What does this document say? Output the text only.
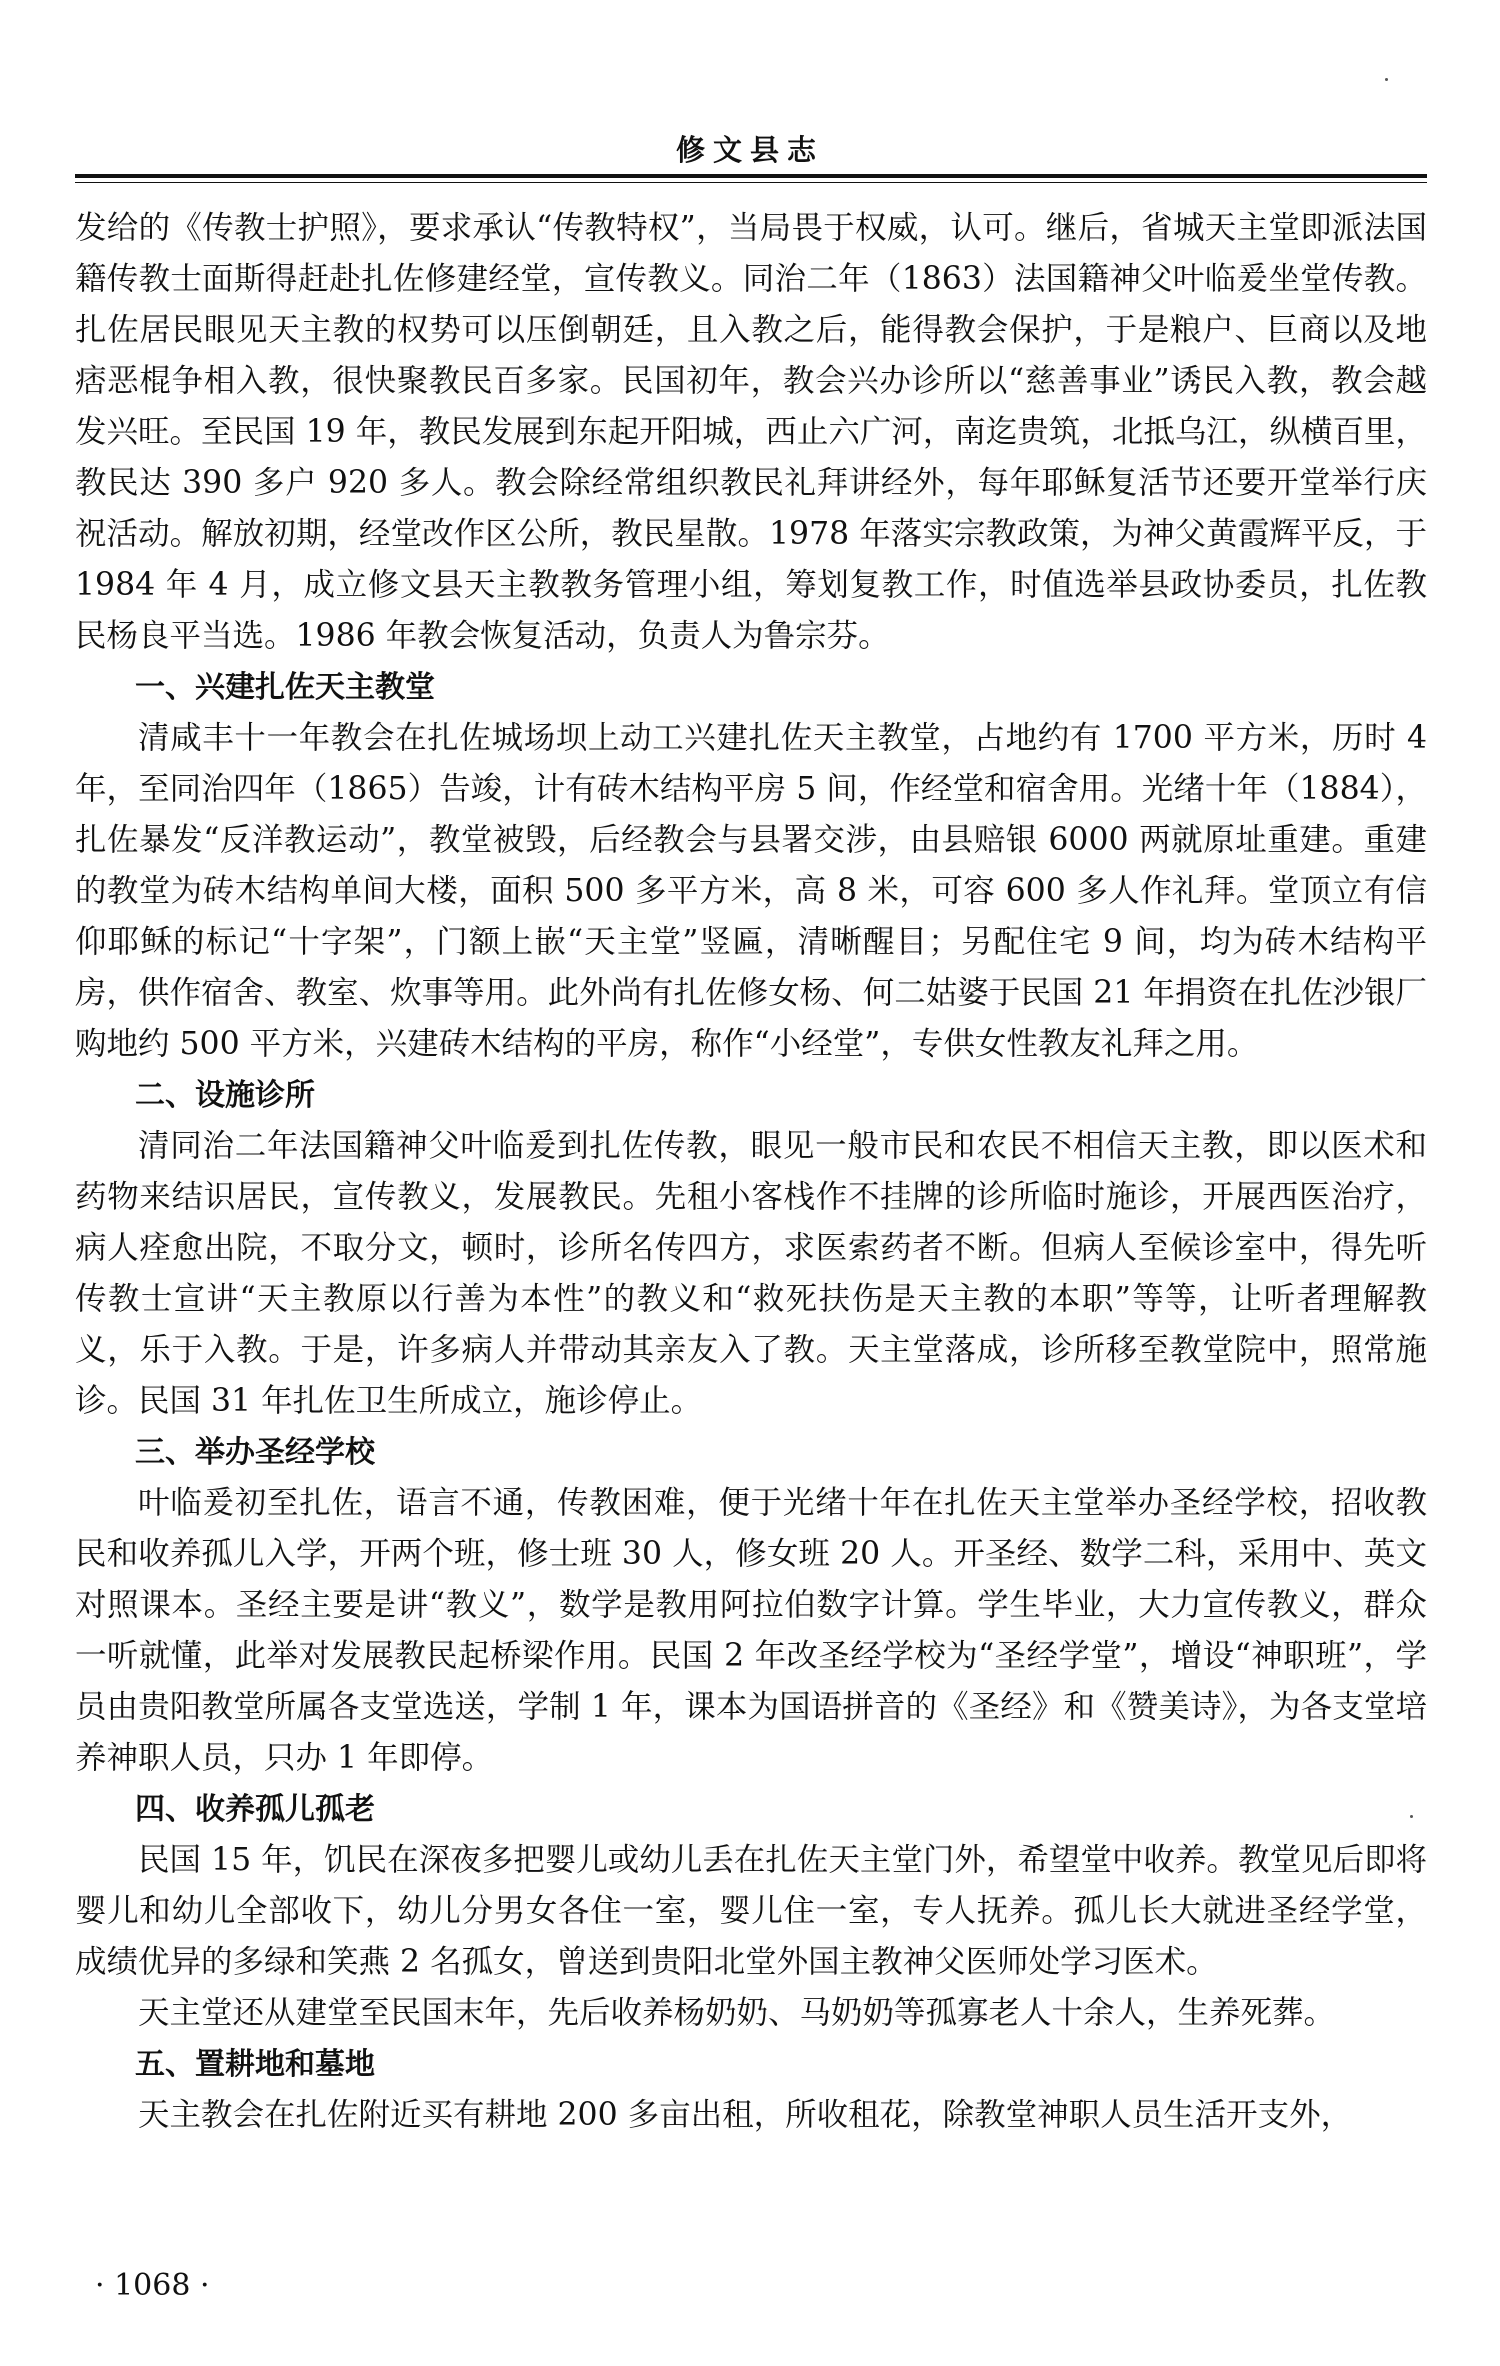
修文县志

发给的《传教士护照》，要求承认“传教特权”，当局畏于权威，认可。继后，省城天主堂即派法国籍传教士面斯得赶赴扎佐修建经堂，宣传教义。同治二年（1863）法国籍神父叶临爰坐堂传教。扎佐居民眼见天主教的权势可以压倒朝廷，且入教之后，能得教会保护，于是粮户、巨商以及地痞恶棍争相入教，很快聚教民百多家。民国初年，教会兴办诊所以“慈善事业”诱民入教，教会越发兴旺。至民国 19 年，教民发展到东起开阳城，西止六广河，南迄贵筑，北抵乌江，纵横百里，教民达 390 多户 920 多人。教会除经常组织教民礼拜讲经外，每年耶稣复活节还要开堂举行庆祝活动。解放初期，经堂改作区公所，教民星散。1978 年落实宗教政策，为神父黄霞辉平反，于 1984 年 4 月，成立修文县天主教教务管理小组，筹划复教工作，时值选举县政协委员，扎佐教民杨良平当选。1986 年教会恢复活动，负责人为鲁宗芬。

一、兴建扎佐天主教堂

清咸丰十一年教会在扎佐城场坝上动工兴建扎佐天主教堂，占地约有 1700 平方米，历时 4 年，至同治四年（1865）告竣，计有砖木结构平房 5 间，作经堂和宿舍用。光绪十年（1884），扎佐暴发“反洋教运动”，教堂被毁，后经教会与县署交涉，由县赔银 6000 两就原址重建。重建的教堂为砖木结构单间大楼，面积 500 多平方米，高 8 米，可容 600 多人作礼拜。堂顶立有信仰耶稣的标记“十字架”，门额上嵌“天主堂”竖匾，清晰醒目；另配住宅 9 间，均为砖木结构平房，供作宿舍、教室、炊事等用。此外尚有扎佐修女杨、何二姑婆于民国 21 年捐资在扎佐沙银厂购地约 500 平方米，兴建砖木结构的平房，称作“小经堂”，专供女性教友礼拜之用。

二、设施诊所

清同治二年法国籍神父叶临爰到扎佐传教，眼见一般市民和农民不相信天主教，即以医术和药物来结识居民，宣传教义，发展教民。先租小客栈作不挂牌的诊所临时施诊，开展西医治疗，病人痊愈出院，不取分文，顿时，诊所名传四方，求医索药者不断。但病人至候诊室中，得先听传教士宣讲“天主教原以行善为本性”的教义和“救死扶伤是天主教的本职”等等，让听者理解教义，乐于入教。于是，许多病人并带动其亲友入了教。天主堂落成，诊所移至教堂院中，照常施诊。民国 31 年扎佐卫生所成立，施诊停止。

三、举办圣经学校

叶临爰初至扎佐，语言不通，传教困难，便于光绪十年在扎佐天主堂举办圣经学校，招收教民和收养孤儿入学，开两个班，修士班 30 人，修女班 20 人。开圣经、数学二科，采用中、英文对照课本。圣经主要是讲“教义”，数学是教用阿拉伯数字计算。学生毕业，大力宣传教义，群众一听就懂，此举对发展教民起桥梁作用。民国 2 年改圣经学校为“圣经学堂”，增设“神职班”，学员由贵阳教堂所属各支堂选送，学制 1 年，课本为国语拼音的《圣经》和《赞美诗》，为各支堂培养神职人员，只办 1 年即停。

四、收养孤儿孤老

民国 15 年，饥民在深夜多把婴儿或幼儿丢在扎佐天主堂门外，希望堂中收养。教堂见后即将婴儿和幼儿全部收下，幼儿分男女各住一室，婴儿住一室，专人抚养。孤儿长大就进圣经学堂，成绩优异的多绿和笑燕 2 名孤女，曾送到贵阳北堂外国主教神父医师处学习医术。

天主堂还从建堂至民国末年，先后收养杨奶奶、马奶奶等孤寡老人十余人，生养死葬。

五、置耕地和墓地

天主教会在扎佐附近买有耕地 200 多亩出租，所收租花，除教堂神职人员生活开支外，

· 1068 ·
